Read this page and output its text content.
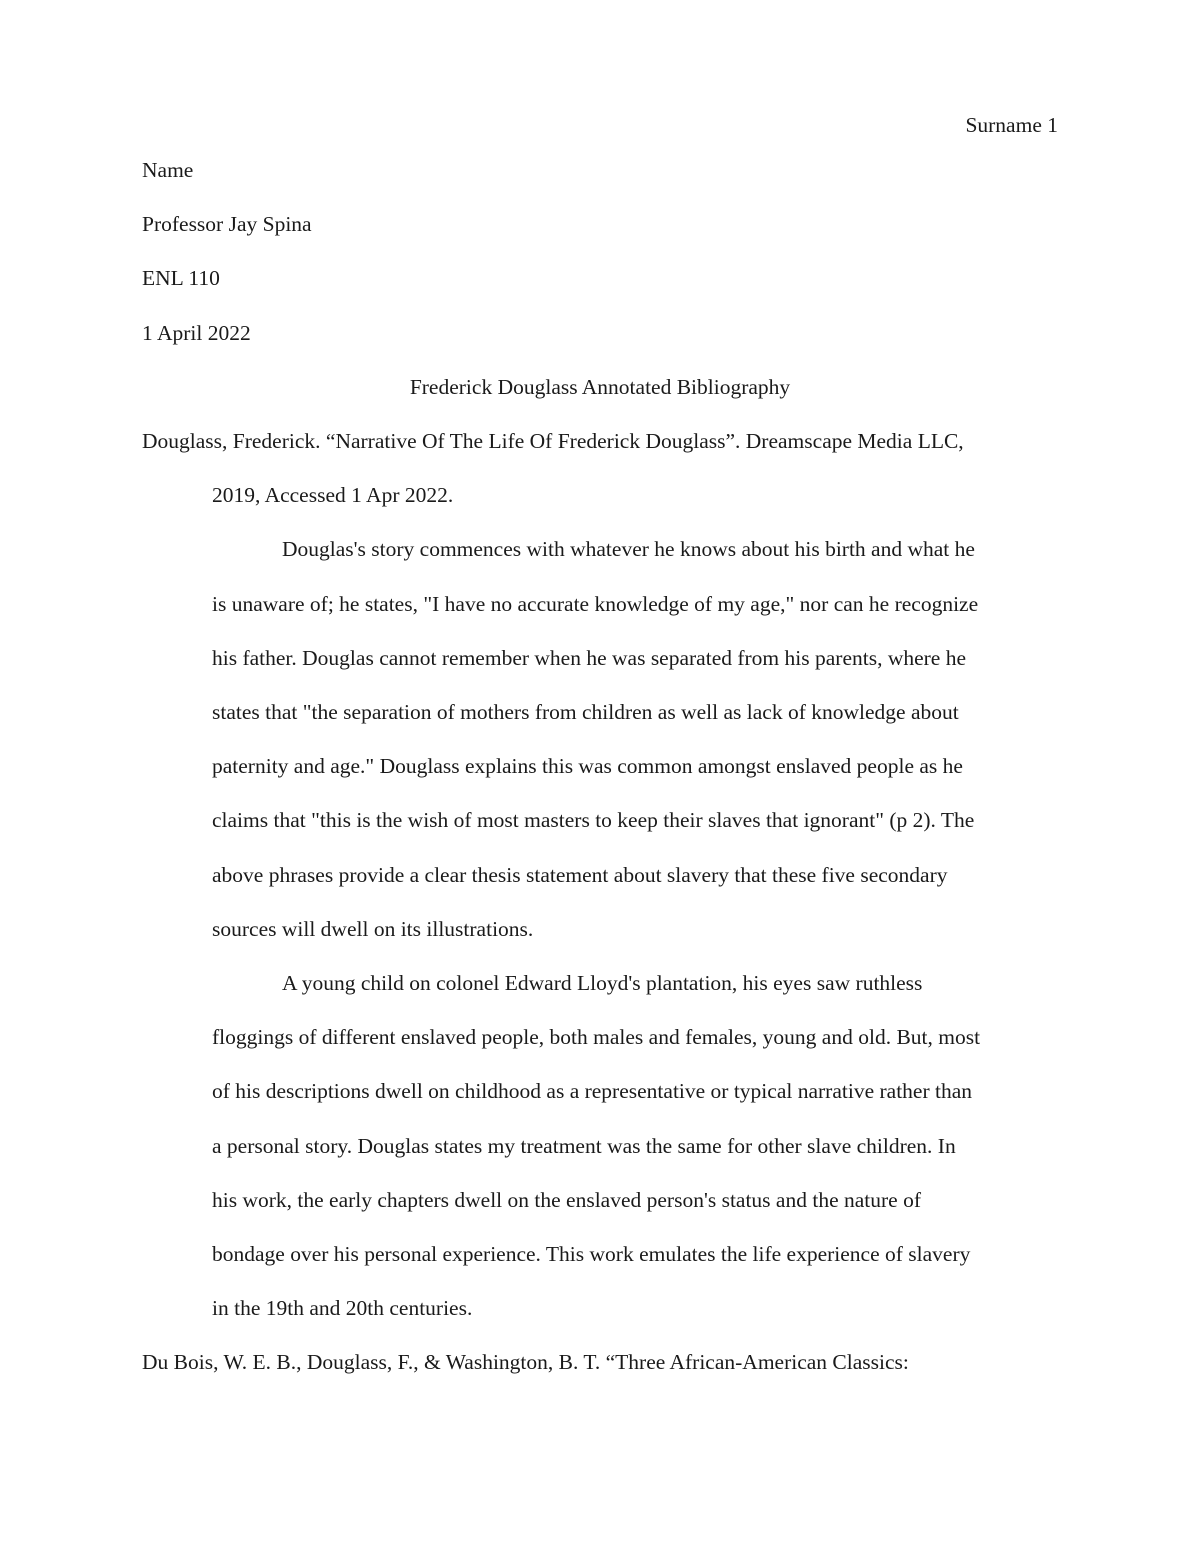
Surname 1
Name
Professor Jay Spina
ENL 110
1 April 2022
Frederick Douglass Annotated Bibliography
Douglass, Frederick. “Narrative Of The Life Of Frederick Douglass”. Dreamscape Media LLC,
2019, Accessed 1 Apr 2022.
Douglas's story commences with whatever he knows about his birth and what he
is unaware of; he states, "I have no accurate knowledge of my age," nor can he recognize
his father. Douglas cannot remember when he was separated from his parents, where he
states that "the separation of mothers from children as well as lack of knowledge about
paternity and age." Douglass explains this was common amongst enslaved people as he
claims that "this is the wish of most masters to keep their slaves that ignorant" (p 2). The
above phrases provide a clear thesis statement about slavery that these five secondary
sources will dwell on its illustrations.
A young child on colonel Edward Lloyd's plantation, his eyes saw ruthless
floggings of different enslaved people, both males and females, young and old. But, most
of his descriptions dwell on childhood as a representative or typical narrative rather than
a personal story. Douglas states my treatment was the same for other slave children. In
his work, the early chapters dwell on the enslaved person's status and the nature of
bondage over his personal experience. This work emulates the life experience of slavery
in the 19th and 20th centuries.
Du Bois, W. E. B., Douglass, F., & Washington, B. T. “Three African-American Classics:
